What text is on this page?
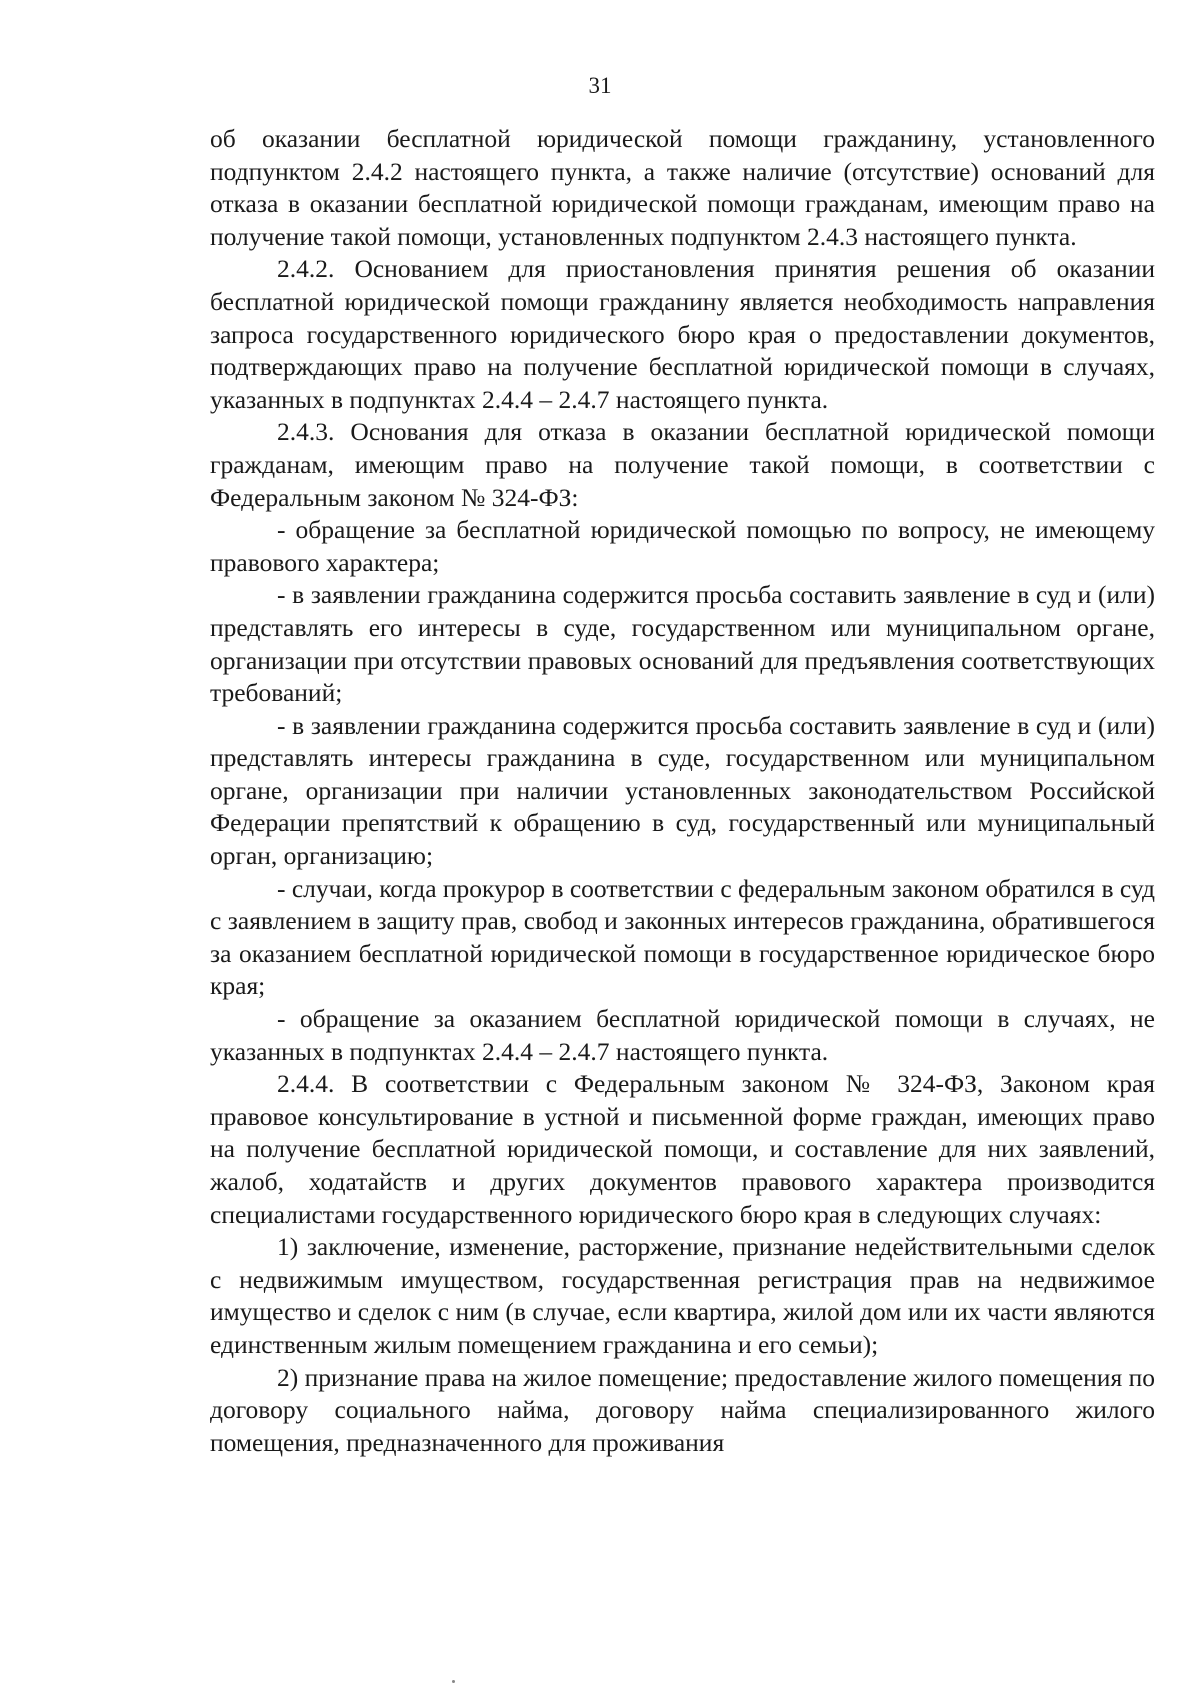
31

об оказании бесплатной юридической помощи гражданину, установленного подпунктом 2.4.2 настоящего пункта, а также наличие (отсутствие) оснований для отказа в оказании бесплатной юридической помощи гражданам, имеющим право на получение такой помощи, установленных подпунктом 2.4.3 настоящего пункта.

2.4.2. Основанием для приостановления принятия решения об оказании бесплатной юридической помощи гражданину является необходимость направления запроса государственного юридического бюро края о предоставлении документов, подтверждающих право на получение бесплатной юридической помощи в случаях, указанных в подпунктах 2.4.4 – 2.4.7 настоящего пункта.

2.4.3. Основания для отказа в оказании бесплатной юридической помощи гражданам, имеющим право на получение такой помощи, в соответствии с Федеральным законом № 324-ФЗ:

- обращение за бесплатной юридической помощью по вопросу, не имеющему правового характера;

- в заявлении гражданина содержится просьба составить заявление в суд и (или) представлять его интересы в суде, государственном или муниципальном органе, организации при отсутствии правовых оснований для предъявления соответствующих требований;

- в заявлении гражданина содержится просьба составить заявление в суд и (или) представлять интересы гражданина в суде, государственном или муниципальном органе, организации при наличии установленных законодательством Российской Федерации препятствий к обращению в суд, государственный или муниципальный орган, организацию;

- случаи, когда прокурор в соответствии с федеральным законом обратился в суд с заявлением в защиту прав, свобод и законных интересов гражданина, обратившегося за оказанием бесплатной юридической помощи в государственное юридическое бюро края;

- обращение за оказанием бесплатной юридической помощи в случаях, не указанных в подпунктах 2.4.4 – 2.4.7 настоящего пункта.

2.4.4. В соответствии с Федеральным законом № 324-ФЗ, Законом края правовое консультирование в устной и письменной форме граждан, имеющих право на получение бесплатной юридической помощи, и составление для них заявлений, жалоб, ходатайств и других документов правового характера производится специалистами государственного юридического бюро края в следующих случаях:

1) заключение, изменение, расторжение, признание недействительными сделок с недвижимым имуществом, государственная регистрация прав на недвижимое имущество и сделок с ним (в случае, если квартира, жилой дом или их части являются единственным жилым помещением гражданина и его семьи);

2) признание права на жилое помещение; предоставление жилого помещения по договору социального найма, договору найма специализированного жилого помещения, предназначенного для проживания
